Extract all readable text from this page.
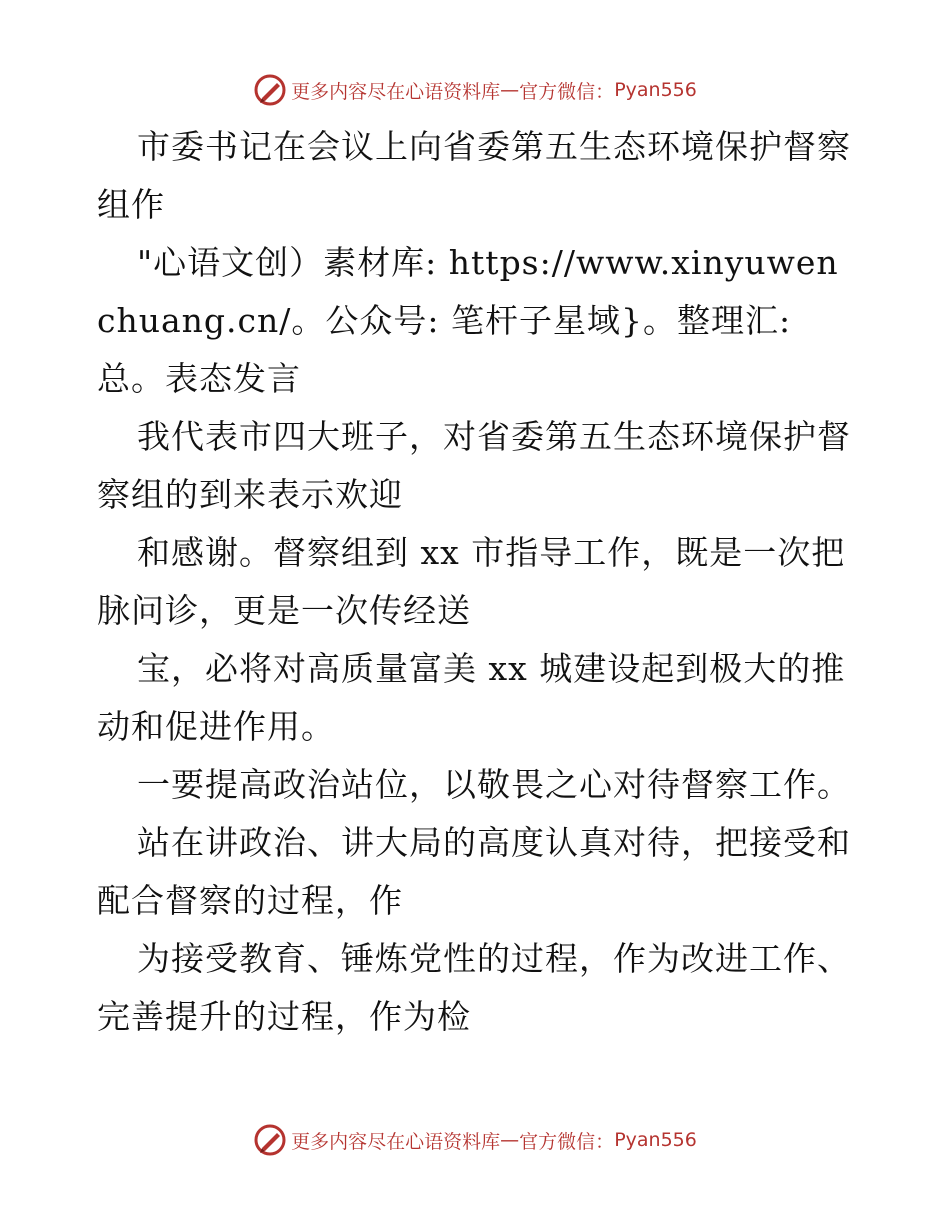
更多内容尽在心语资料库 — 官方微信： Pyan556

市委书记在会议上向省委第五生态环境保护督察组作

"心语文创）素材库: https://www.xinyuwenchuang.cn/。公众号: 笔杆子星域}。整理汇:总。表态发言

我代表市四大班子，对省委第五生态环境保护督察组的到来表示欢迎

和感谢。督察组到 xx 市指导工作，既是一次把脉问诊，更是一次传经送

宝，必将对高质量富美 xx 城建设起到极大的推动和促进作用。

一要提高政治站位，以敬畏之心对待督察工作。

站在讲政治、讲大局的高度认真对待，把接受和配合督察的过程，作

为接受教育、锤炼党性的过程，作为改进工作、完善提升的过程，作为检

更多内容尽在心语资料库 — 官方微信： Pyan556
